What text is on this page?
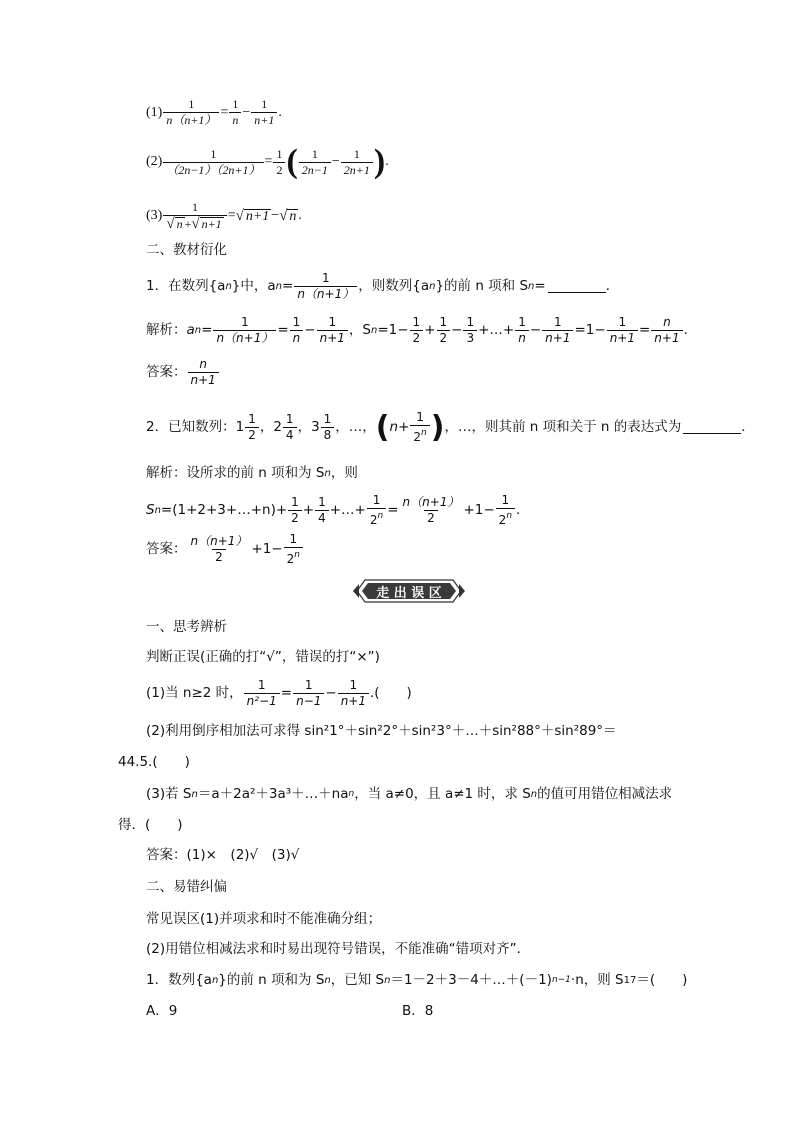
$(1) \frac{1}{n(n+1)} = \frac{1}{n} - \frac{1}{n+1}$ .
$(2) \frac{1}{(2n-1)(2n+1)} = \frac{1}{2}$ ( 1
2n−1
− $\frac{1}{2n+1}$ ) .
$(3) \frac{1}{√ n + √ n+1}$ = √ n+1 − √ n .
二、教材衍化
1．在数列{a n }中，a $n = \frac{1}{n(n+1)}$ ，则数列{a n }的前 n 项和 S n =	．
解析： a $n = \frac{1}{n(n+1)} = \frac{1}{n} - \frac{1}{n+1}$ ，S $n =1- \frac{1}{2} + \frac{1}{2} - \frac{1}{3}$ +…+ $\frac{1}{n} - \frac{1}{n+1} =1- \frac{1}{n+1} = \frac{n}{n+1}$ .
答案： n
n+1
2．已知数列： 1 1
2
， 2 1
4
， 3 1
8
，…， ( $n+ \frac{1}{2^n}$ ) ，…，则其前 n 项和关于 n 的表达式为	．
解析：设所求的前 n 项和为 S n ，则
S n =(1+2+3+…+n)+ $\frac{1}{2} + \frac{1}{4}$ +…+ $\frac{1}{2^n} = \frac{n(n+1)}{2} +1- \frac{1}{2^n}$ .
答案： n（n+1）
2
$+1- \frac{1}{2^n}$
走 出 误 区
一、思考辨析
判断正误(正确的打“√”，错误的打“×”)
(1)当 n≥2 时， $\frac{1}{\text{n²−1}} = \frac{1}{n-1} - \frac{1}{n+1}$ .(　　)
(2)利用倒序相加法可求得 sin²1°＋sin²2°＋sin²3°＋…＋sin²88°＋sin²89°＝
44.5.(　　)
(3)若 S n ＝a＋2a²＋3a³＋…＋na n ，当 a≠0，且 a≠1 时，求 S n 的值可用错位相减法求
得．(　　)
答案：(1)×　(2)√　(3)√
二、易错纠偏
常见误区(1)并项求和时不能准确分组；
(2)用错位相减法求和时易出现符号错误，不能准确“错项对齐”．
1．数列{a n }的前 n 项和为 S n ，已知 S n ＝1－2＋3－4＋…＋(－1) n−1 ·n，则 S 17 ＝(　　)
A．9	B．8
